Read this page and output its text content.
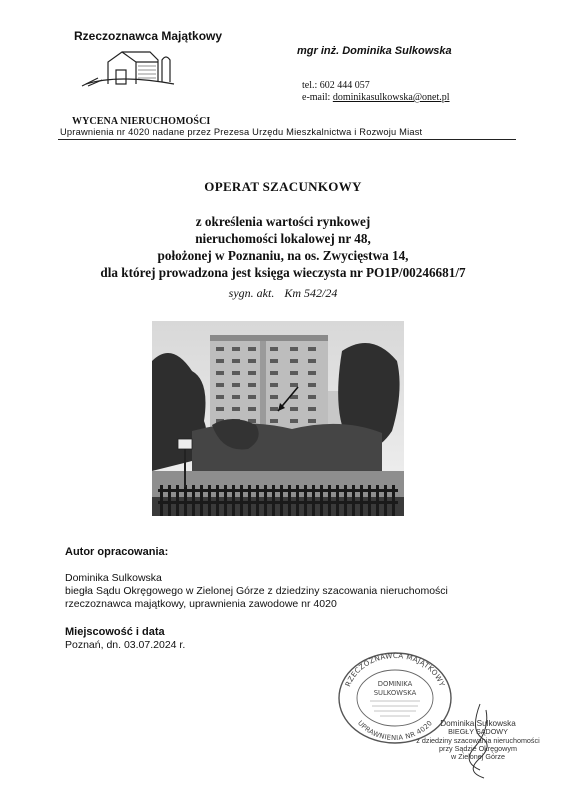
Rzeczoznawca Majątkowy
mgr inż. Dominika Sulkowska
tel.: 602 444 057
e-mail: dominikasulkowska@onet.pl
WYCENA NIERUCHOMOŚCI
Uprawnienia nr 4020 nadane przez Prezesa Urzędu Mieszkalnictwa i Rozwoju Miast
OPERAT SZACUNKOWY
z określenia wartości rynkowej
nieruchomości lokalowej nr 48,
położonej w Poznaniu, na os. Zwycięstwa 14,
dla której prowadzona jest księga wieczysta nr PO1P/00246681/7
sygn. akt. Km 542/24
Autor opracowania:
Dominika Sulkowska
biegła Sądu Okręgowego w Zielonej Górze z dziedziny szacowania nieruchomości
rzeczoznawca majątkowy, uprawnienia zawodowe nr 4020
Miejscowość i data
Poznań, dn. 03.07.2024 r.
RZECZOZNAWCA MAJĄTKOWY
UPRAWNIENIA NR 4020
DOMINIKA
SULKOWSKA
Dominika Sulkowska
BIEGŁY SĄDOWY
z dziedziny szacowania nieruchomości
przy Sądzie Okręgowym
w Zielonej Górze
